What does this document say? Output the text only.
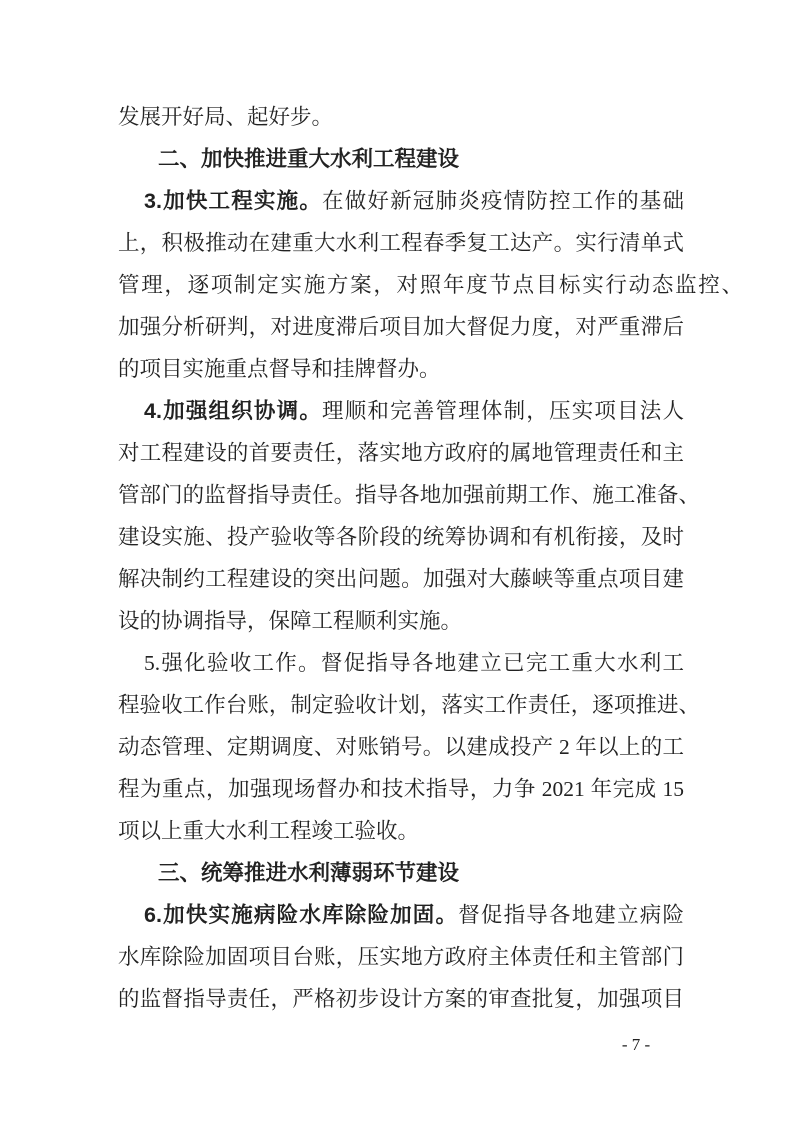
发展开好局、起好步。
二、加快推进重大水利工程建设
3.加快工程实施。在做好新冠肺炎疫情防控工作的基础
上，积极推动在建重大水利工程春季复工达产。实行清单式
管理，逐项制定实施方案，对照年度节点目标实行动态监控、
加强分析研判，对进度滞后项目加大督促力度，对严重滞后
的项目实施重点督导和挂牌督办。
4.加强组织协调。理顺和完善管理体制，压实项目法人
对工程建设的首要责任，落实地方政府的属地管理责任和主
管部门的监督指导责任。指导各地加强前期工作、施工准备、
建设实施、投产验收等各阶段的统筹协调和有机衔接，及时
解决制约工程建设的突出问题。加强对大藤峡等重点项目建
设的协调指导，保障工程顺利实施。
5.强化验收工作。督促指导各地建立已完工重大水利工
程验收工作台账，制定验收计划，落实工作责任，逐项推进、
动态管理、定期调度、对账销号。以建成投产 2 年以上的工
程为重点，加强现场督办和技术指导，力争 2021 年完成 15
项以上重大水利工程竣工验收。
三、统筹推进水利薄弱环节建设
6.加快实施病险水库除险加固。督促指导各地建立病险
水库除险加固项目台账，压实地方政府主体责任和主管部门
的监督指导责任，严格初步设计方案的审查批复，加强项目
- 7 -
